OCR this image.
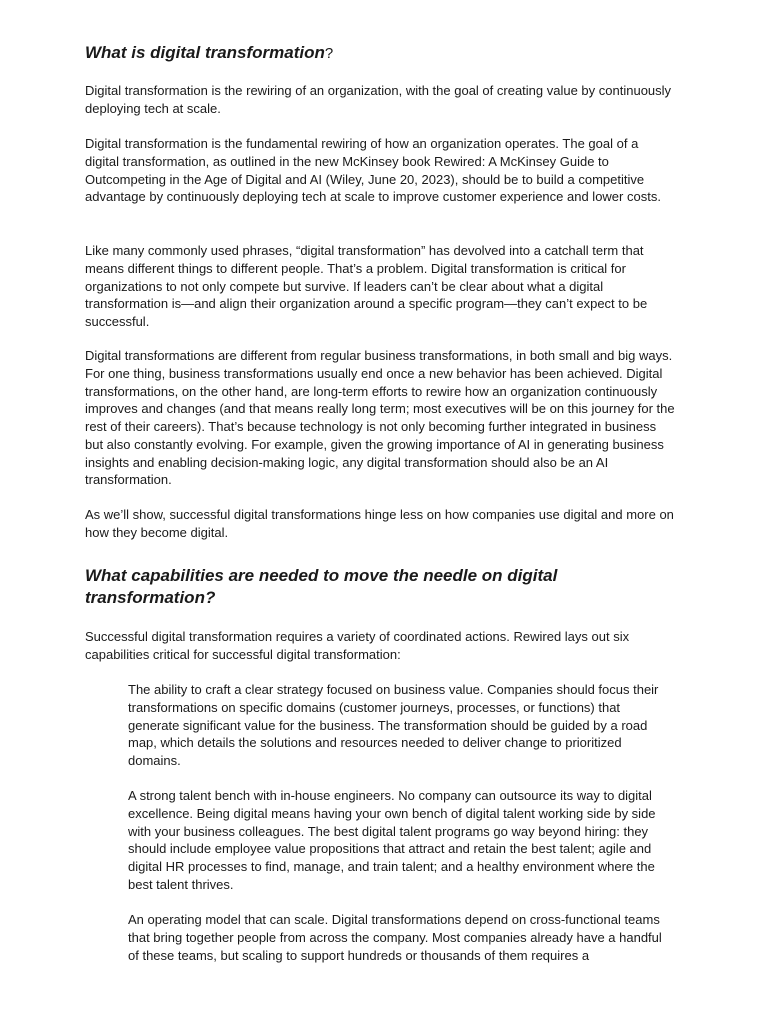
What is digital transformation?

Digital transformation is the rewiring of an organization, with the goal of creating value by continuously deploying tech at scale.

Digital transformation is the fundamental rewiring of how an organization operates. The goal of a digital transformation, as outlined in the new McKinsey book Rewired: A McKinsey Guide to Outcompeting in the Age of Digital and AI (Wiley, June 20, 2023), should be to build a competitive advantage by continuously deploying tech at scale to improve customer experience and lower costs.

Like many commonly used phrases, “digital transformation” has devolved into a catchall term that means different things to different people. That’s a problem. Digital transformation is critical for organizations to not only compete but survive. If leaders can’t be clear about what a digital transformation is—and align their organization around a specific program—they can’t expect to be successful.

Digital transformations are different from regular business transformations, in both small and big ways. For one thing, business transformations usually end once a new behavior has been achieved. Digital transformations, on the other hand, are long-term efforts to rewire how an organization continuously improves and changes (and that means really long term; most executives will be on this journey for the rest of their careers). That’s because technology is not only becoming further integrated in business but also constantly evolving. For example, given the growing importance of AI in generating business insights and enabling decision-making logic, any digital transformation should also be an AI transformation.

As we’ll show, successful digital transformations hinge less on how companies use digital and more on how they become digital.

What capabilities are needed to move the needle on digital transformation?

Successful digital transformation requires a variety of coordinated actions. Rewired lays out six capabilities critical for successful digital transformation:

The ability to craft a clear strategy focused on business value. Companies should focus their transformations on specific domains (customer journeys, processes, or functions) that generate significant value for the business. The transformation should be guided by a road map, which details the solutions and resources needed to deliver change to prioritized domains.

A strong talent bench with in-house engineers. No company can outsource its way to digital excellence. Being digital means having your own bench of digital talent working side by side with your business colleagues. The best digital talent programs go way beyond hiring: they should include employee value propositions that attract and retain the best talent; agile and digital HR processes to find, manage, and train talent; and a healthy environment where the best talent thrives.

An operating model that can scale. Digital transformations depend on cross-functional teams that bring together people from across the company. Most companies already have a handful of these teams, but scaling to support hundreds or thousands of them requires a
